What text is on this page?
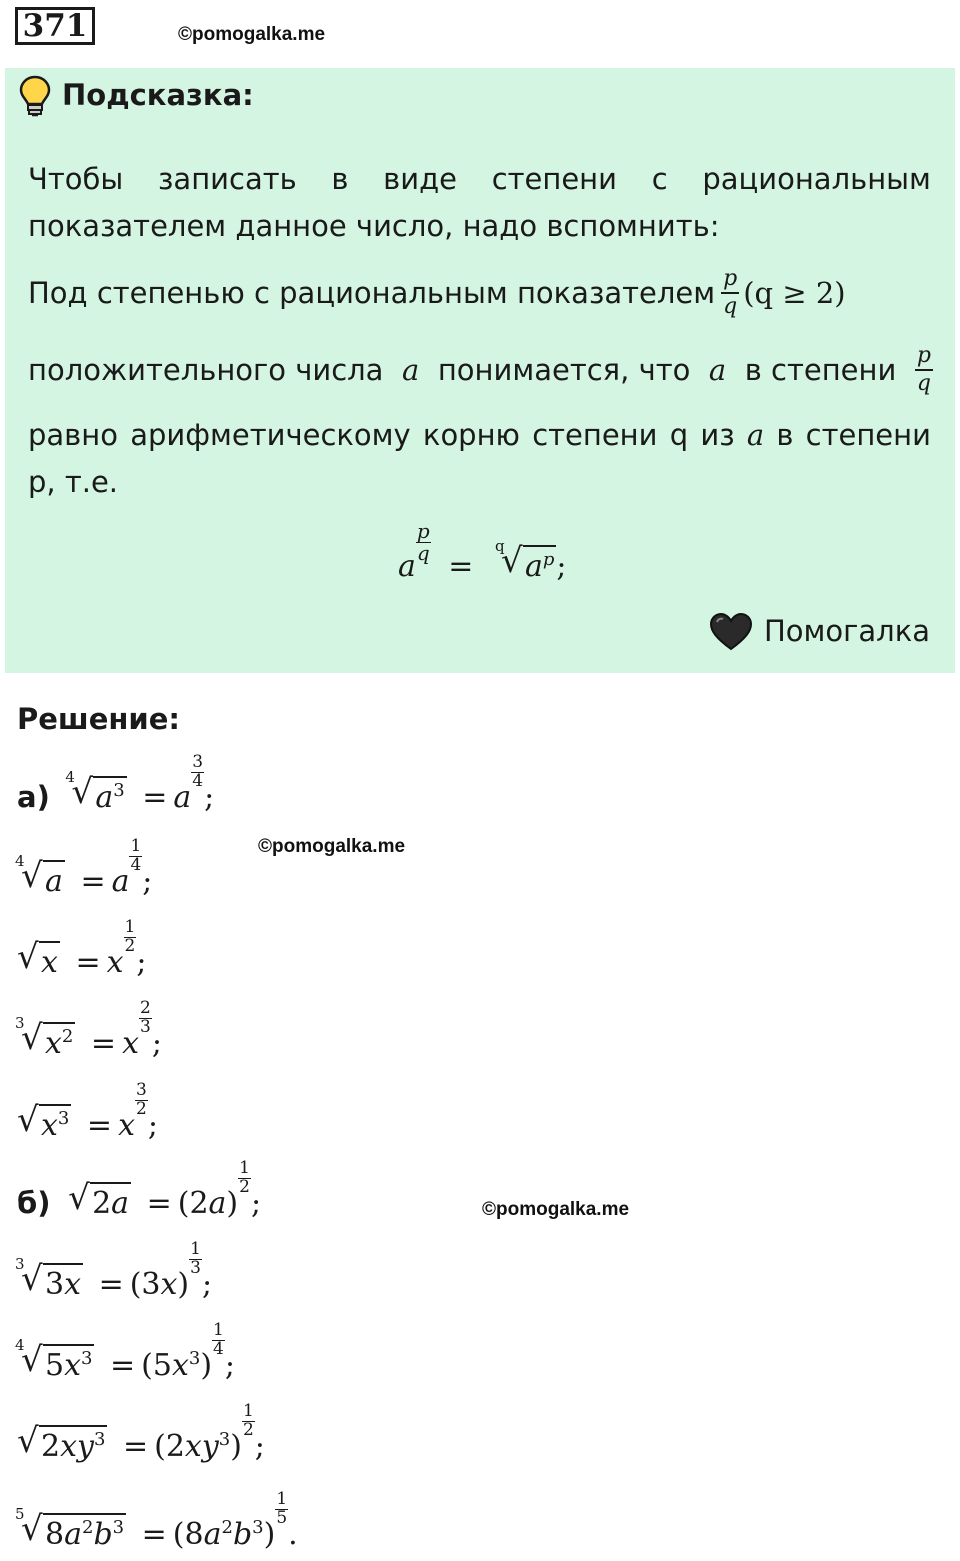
371	©pomogalka.me
Подсказка:
Чтобы записать в виде степени с рациональным
показателем данное число, надо вспомнить:
Под степенью с рациональным показателем $\frac{p}{q} (q \ge 2)$
положительного числа a понимается, что a в степени $\frac{p}{q}$
равно арифметическому корню степени q из a в степени
р, т.е.
a
$\frac{p}{q}$
=
q
√ $a^p$;
Помогалка
Решение:
а)
4
√ $a^3 = a$
$\frac{3}{4}$
;
©pomogalka.me
4
√ a = a
$\frac{1}{4}$
;
√ x = x
$\frac{1}{2}$
;
3
√ $x^2 = x$
$\frac{2}{3}$
;
√ $x^3 = x$
$\frac{3}{2}$
;
б) √ 2a = (2a)
$\frac{1}{2}$
;	©pomogalka.me
3
√ 3x = (3x)
$\frac{1}{3}$
;
4
√ $5x^3 = (5x^3)$
$\frac{1}{4}$
;
√ $2xy^3 = (2xy^3)$
$\frac{1}{2}$
;
5
√ $8a^2b^3 = (8a^2b^3)$
$\frac{1}{5}$
.
